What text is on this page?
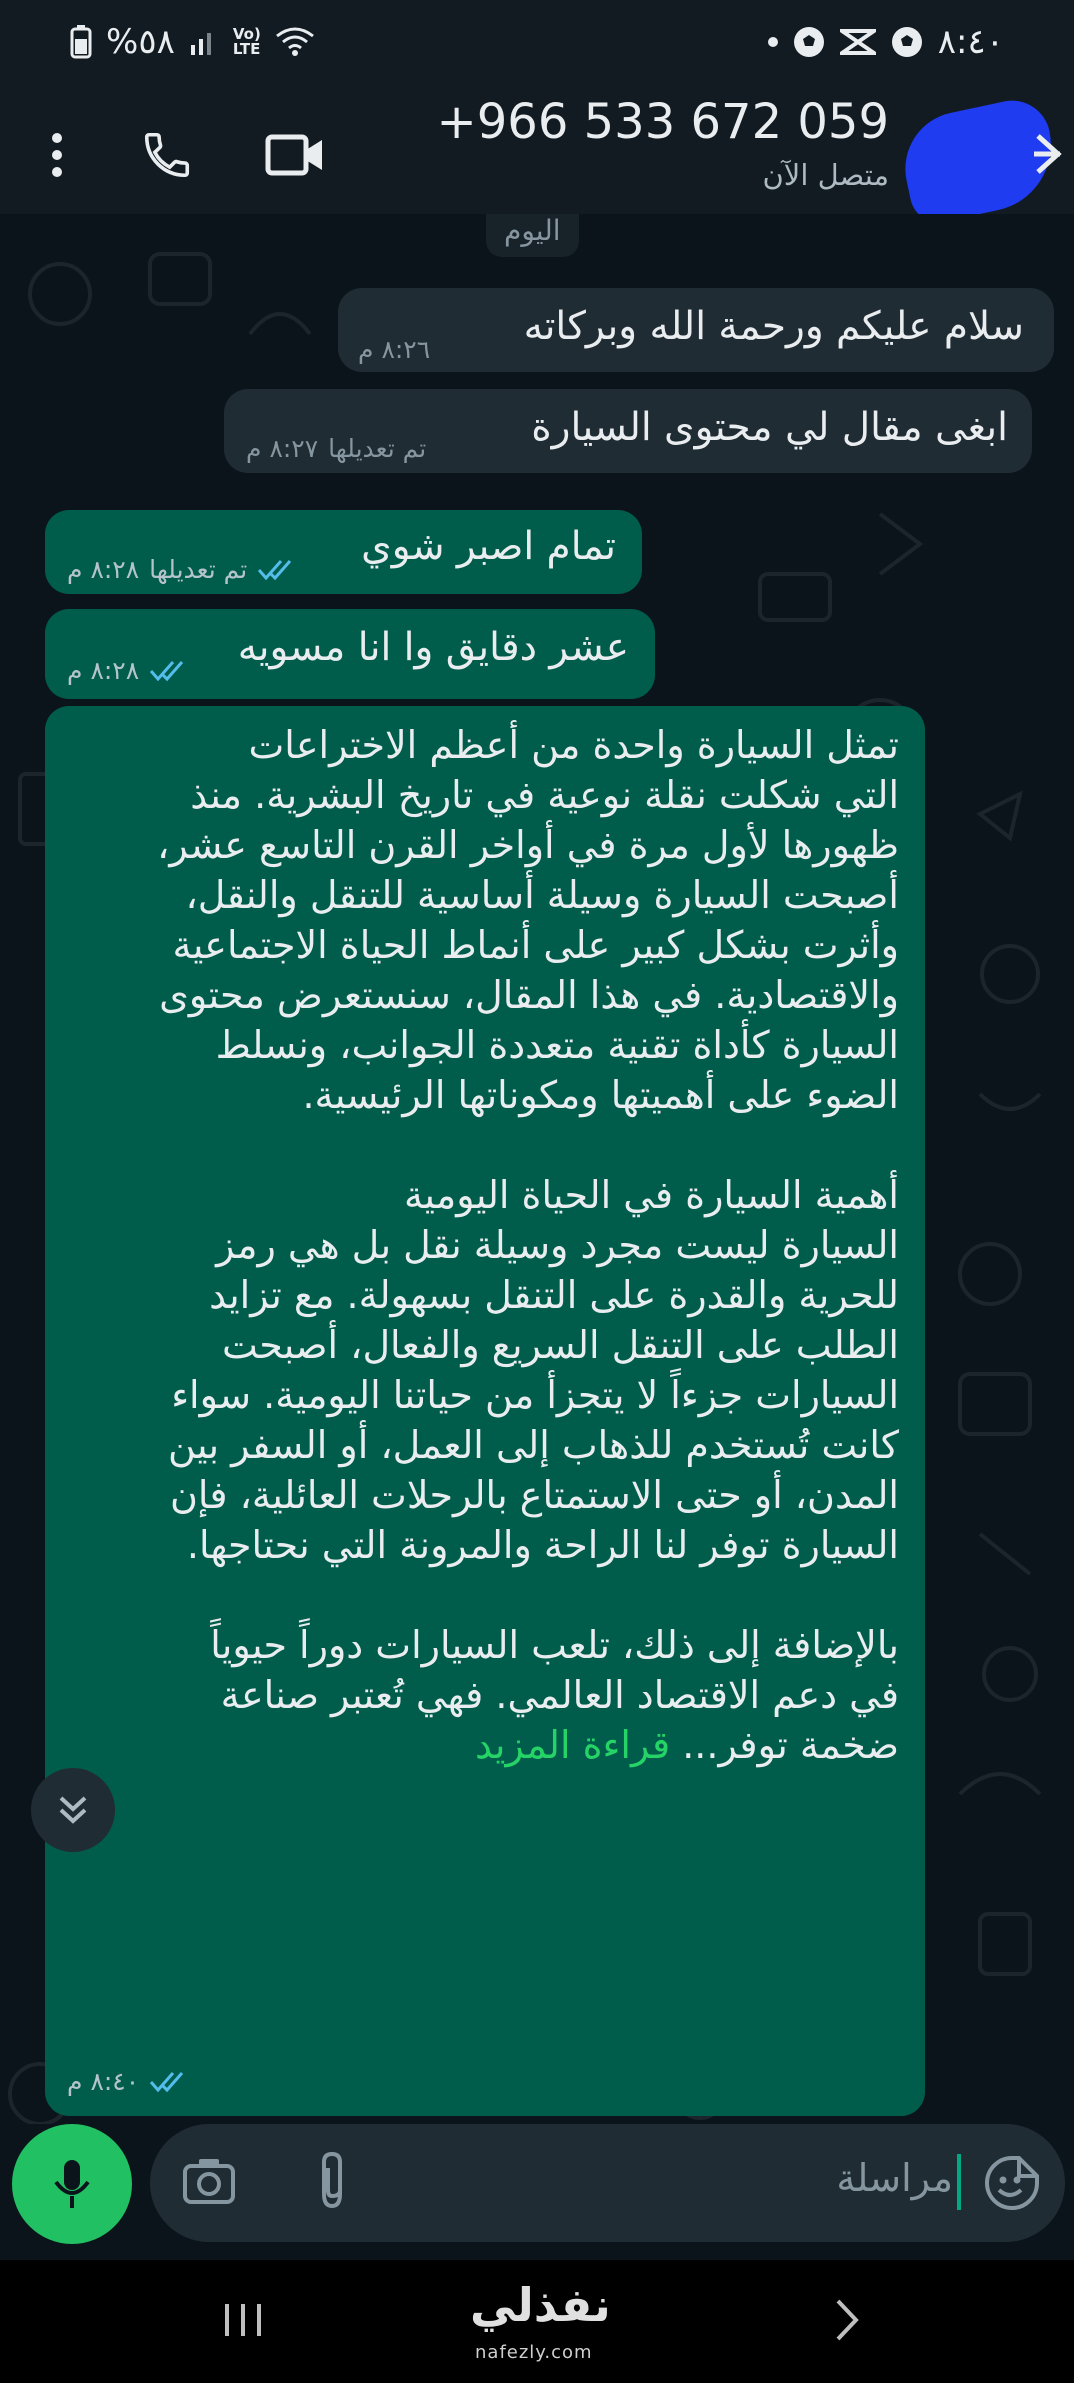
%٥٨	Vo)
LTE	٨:٤٠
+966 533 672 059
متصل الآن
اليوم
سلام عليكم ورحمة الله وبركاته
٨:٢٦ م
ابغى مقال لي محتوى السيارة
تم تعديلها
٨:٢٧ م
تمام اصبر شوي
تم تعديلها
٨:٢٨ م
عشر دقايق وا انا مسويه
٨:٢٨ م
تمثل السيارة واحدة من أعظم الاختراعات
التي شكلت نقلة نوعية في تاريخ البشرية. منذ
ظهورها لأول مرة في أواخر القرن التاسع عشر،
أصبحت السيارة وسيلة أساسية للتنقل والنقل،
وأثرت بشكل كبير على أنماط الحياة الاجتماعية
والاقتصادية. في هذا المقال، سنستعرض محتوى
السيارة كأداة تقنية متعددة الجوانب، ونسلط
الضوء على أهميتها ومكوناتها الرئيسية.
أهمية السيارة في الحياة اليومية
السيارة ليست مجرد وسيلة نقل بل هي رمز
للحرية والقدرة على التنقل بسهولة. مع تزايد
الطلب على التنقل السريع والفعال، أصبحت
السيارات جزءاً لا يتجزأ من حياتنا اليومية. سواء
كانت تُستخدم للذهاب إلى العمل، أو السفر بين
المدن، أو حتى الاستمتاع بالرحلات العائلية، فإن
السيارة توفر لنا الراحة والمرونة التي نحتاجها.
بالإضافة إلى ذلك، تلعب السيارات دوراً حيوياً
في دعم الاقتصاد العالمي. فهي تُعتبر صناعة
ضخمة توفر... قراءة المزيد
٨:٤٠ م
مراسلة
نفذلي
nafezly.com
